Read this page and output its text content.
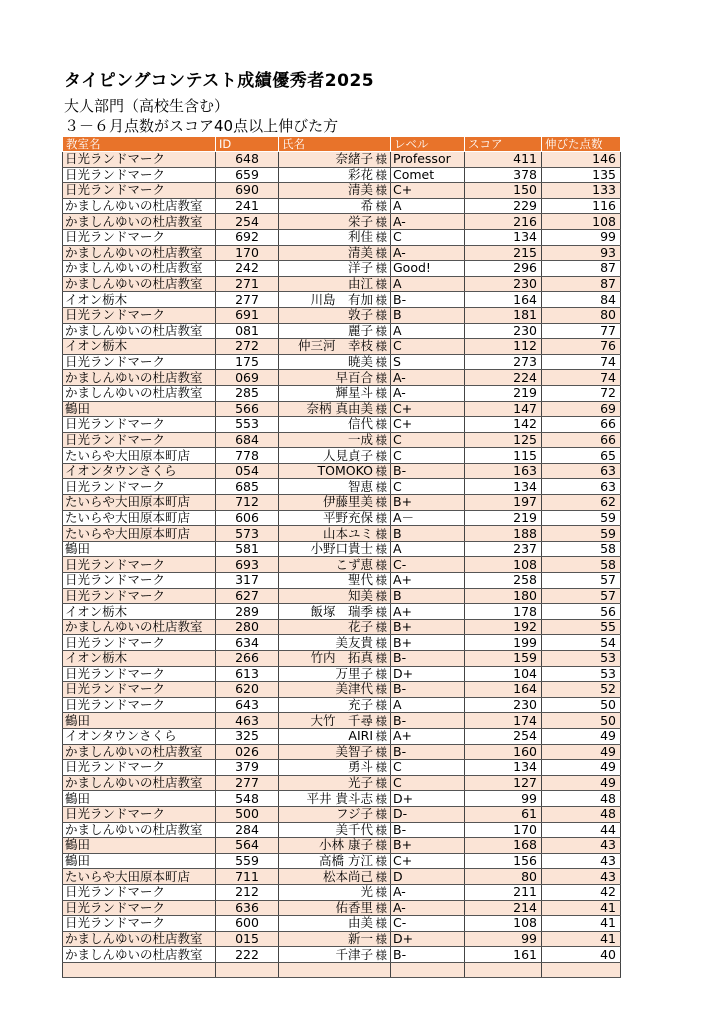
タイピングコンテスト成績優秀者2025
大人部門（高校生含む）
３－６月点数がスコア40点以上伸びた方
教室名	ID	氏名	レベル	スコア	伸びた点数
日光ランドマーク	648	奈緒子 様	Professor	411	146
日光ランドマーク	659	彩花 様	Comet	378	135
日光ランドマーク	690	清美 様	C+	150	133
かましんゆいの杜店教室	241	希 様	A	229	116
かましんゆいの杜店教室	254	栄子 様	A-	216	108
日光ランドマーク	692	利佳 様	C	134	99
かましんゆいの杜店教室	170	清美 様	A-	215	93
かましんゆいの杜店教室	242	洋子 様	Good!	296	87
かましんゆいの杜店教室	271	由江 様	A	230	87
イオン栃木	277	川島　有加 様	B-	164	84
日光ランドマーク	691	敦子 様	B	181	80
かましんゆいの杜店教室	081	麗子 様	A	230	77
イオン栃木	272	仲三河　幸枝 様	C	112	76
日光ランドマーク	175	暁美 様	S	273	74
かましんゆいの杜店教室	069	早百合 様	A-	224	74
かましんゆいの杜店教室	285	輝星斗 様	A-	219	72
鶴田	566	奈柄 真由美 様	C+	147	69
日光ランドマーク	553	信代 様	C+	142	66
日光ランドマーク	684	一成 様	C	125	66
たいらや大田原本町店	778	人見貞子 様	C	115	65
イオンタウンさくら	054	TOMOKO 様	B-	163	63
日光ランドマーク	685	智恵 様	C	134	63
たいらや大田原本町店	712	伊藤里美 様	B+	197	62
たいらや大田原本町店	606	平野充保 様	A－	219	59
たいらや大田原本町店	573	山本ユミ 様	B	188	59
鶴田	581	小野口貴士 様	A	237	58
日光ランドマーク	693	こず恵 様	C-	108	58
日光ランドマーク	317	聖代 様	A+	258	57
日光ランドマーク	627	知美 様	B	180	57
イオン栃木	289	飯塚　瑞季 様	A+	178	56
かましんゆいの杜店教室	280	花子 様	B+	192	55
日光ランドマーク	634	美友貴 様	B+	199	54
イオン栃木	266	竹内　拓真 様	B-	159	53
日光ランドマーク	613	万里子 様	D+	104	53
日光ランドマーク	620	美津代 様	B-	164	52
日光ランドマーク	643	充子 様	A	230	50
鶴田	463	大竹　千尋 様	B-	174	50
イオンタウンさくら	325	AIRI 様	A+	254	49
かましんゆいの杜店教室	026	美智子 様	B-	160	49
日光ランドマーク	379	勇斗 様	C	134	49
かましんゆいの杜店教室	277	光子 様	C	127	49
鶴田	548	平井 貴斗志 様	D+	99	48
日光ランドマーク	500	フジ子 様	D-	61	48
かましんゆいの杜店教室	284	美千代 様	B-	170	44
鶴田	564	小林 康子 様	B+	168	43
鶴田	559	高橋 方江 様	C+	156	43
たいらや大田原本町店	711	松本尚己 様	D	80	43
日光ランドマーク	212	光 様	A-	211	42
日光ランドマーク	636	佑香里 様	A-	214	41
日光ランドマーク	600	由美 様	C-	108	41
かましんゆいの杜店教室	015	新一 様	D+	99	41
かましんゆいの杜店教室	222	千津子 様	B-	161	40
